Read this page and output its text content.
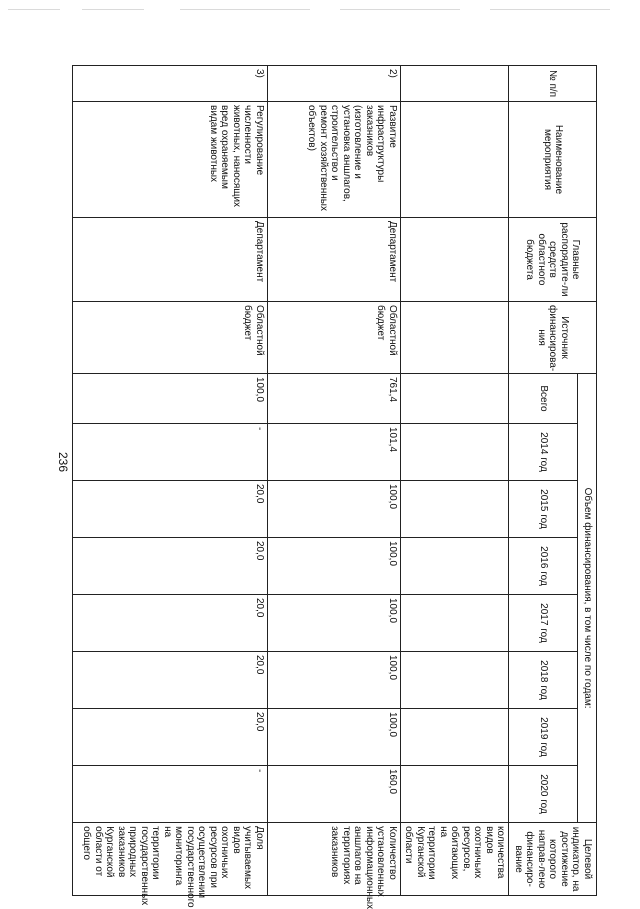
236
№ п/п	Наименование мероприятия	Главные распорядите-ли средств областного бюджета	Источник финансирова-ния	Объем финансирования, в том числе по годам:								Целевой индикатор, на достижение которого направ-лено финансиро-вание
				Всего	2014 год	2015 год	2016 год	2017 год	2018 год	2019 год	2020 год	
												количества видов охотничьих ресурсов, обитающих на территории Курганской области
2)	Развитие инфраструктуры заказников (изготовление и установка аншлагов, строительство и ремонт хозяйственных объектов)	Департамент	Областной бюджет	761,4	101,4	100,0	100,0	100,0	100,0	100,0	160,0	Количество установленных информационных аншлагов на территориях заказников
3)	Регулирование численности животных, наносящих вред охраняемым видам животных	Департамент	Областной бюджет	100,0	-	20,0	20,0	20,0	20,0	20,0	-	Доля учитываемых видов охотничьих ресурсов при осуществлении государственного мониторинга на территории государственных природных заказников Курганской области от общего
